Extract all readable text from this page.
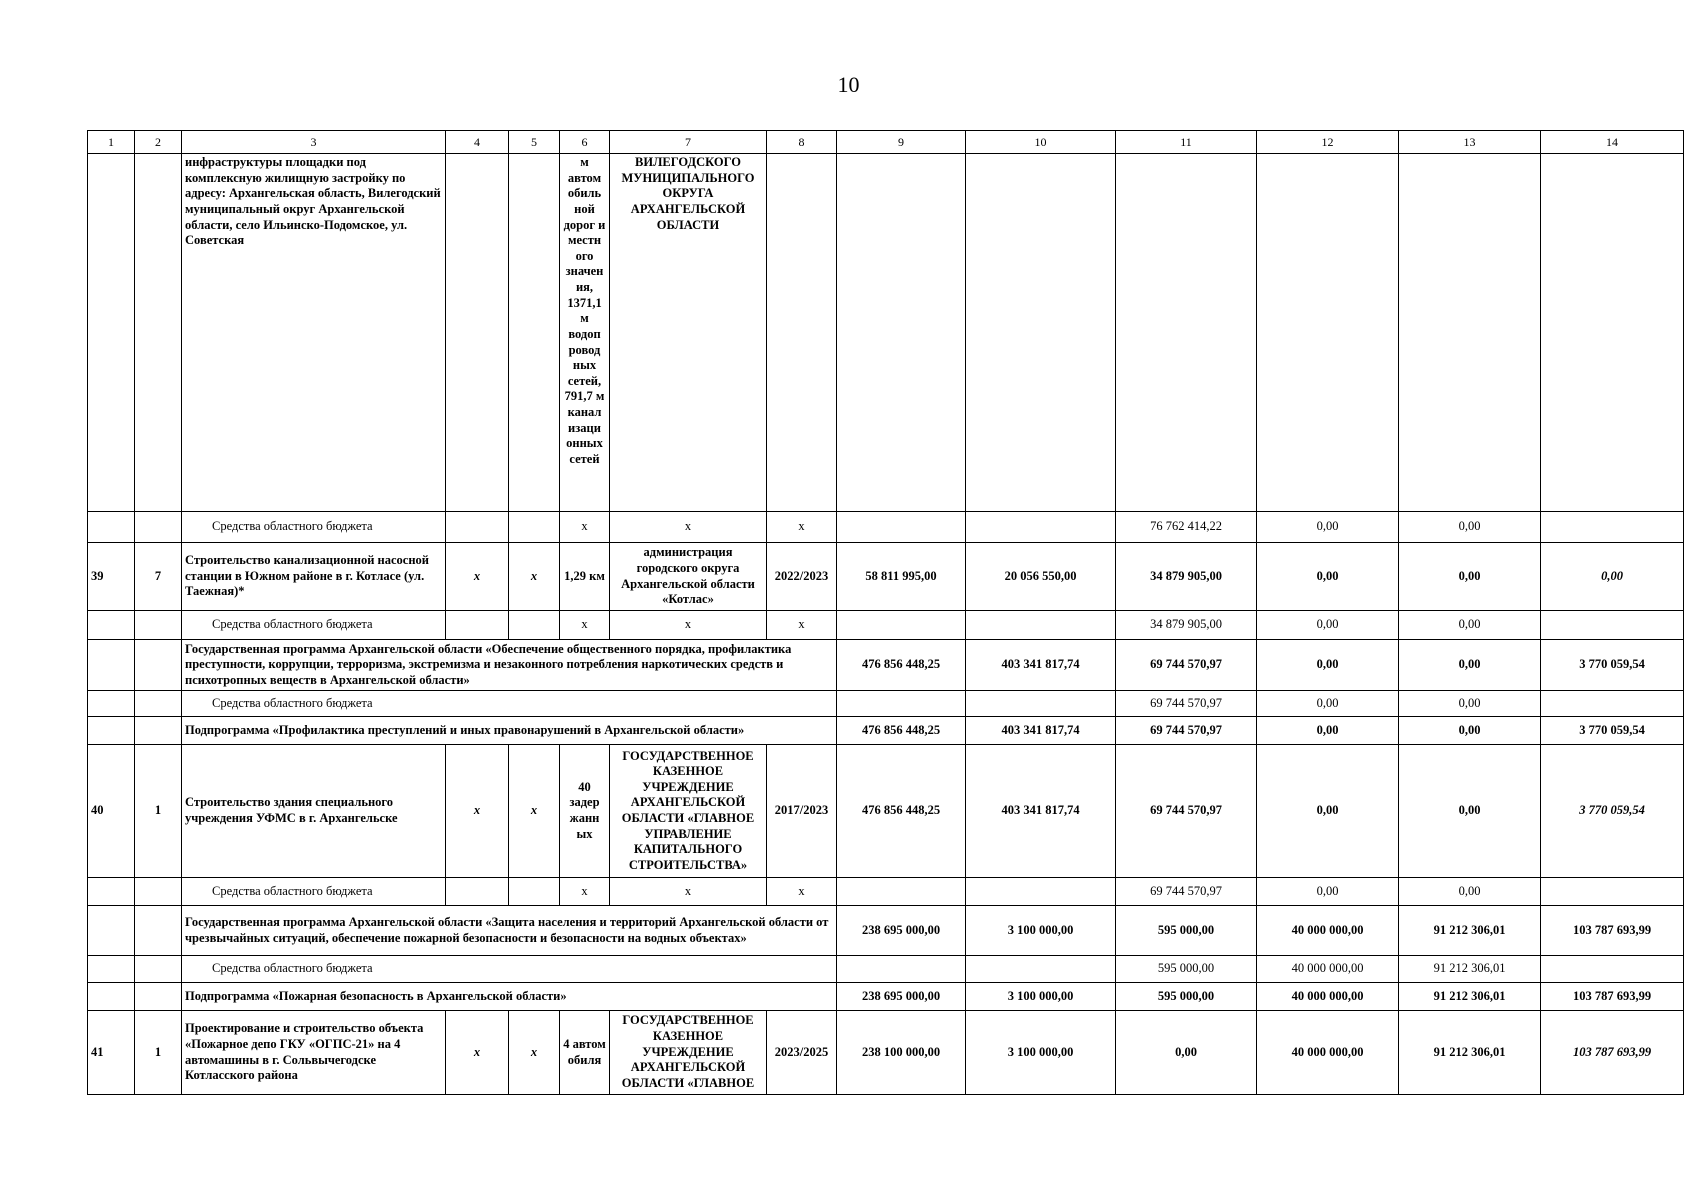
10
1	2	3	4	5	6	7	8	9	10	11	12	13	14
		инфраструктуры площадки под комплексную жилищную застройку по адресу: Архангельская область, Вилегодский муниципальный округ Архангельской области, село Ильинско-Подомское, ул. Советская			м автом обиль ной дорог и местн ого значен ия, 1371,1 м водоп ровод ных сетей, 791,7 м канал изаци онных сетей	ВИЛЕГОДСКОГО МУНИЦИПАЛЬНОГО ОКРУГА АРХАНГЕЛЬСКОЙ ОБЛАСТИ							
		Средства областного бюджета			x	x	x			76 762 414,22	0,00	0,00	
39	7	Строительство канализационной насосной станции в Южном районе в г. Котласе (ул. Таежная)*	х	х	1,29 км	администрация городского округа Архангельской области «Котлас»	2022/2023	58 811 995,00	20 056 550,00	34 879 905,00	0,00	0,00	0,00
		Средства областного бюджета			x	x	x			34 879 905,00	0,00	0,00	
		Государственная программа Архангельской области «Обеспечение общественного порядка, профилактика преступности, коррупции, терроризма, экстремизма и незаконного потребления наркотических средств и психотропных веществ в Архангельской области»						476 856 448,25	403 341 817,74	69 744 570,97	0,00	0,00	3 770 059,54
		Средства областного бюджета								69 744 570,97	0,00	0,00	
		Подпрограмма «Профилактика преступлений и иных правонарушений в Архангельской области»						476 856 448,25	403 341 817,74	69 744 570,97	0,00	0,00	3 770 059,54
40	1	Строительство здания специального учреждения УФМС в г. Архангельске	х	х	40 задер жанн ых	ГОСУДАРСТВЕННОЕ КАЗЕННОЕ УЧРЕЖДЕНИЕ АРХАНГЕЛЬСКОЙ ОБЛАСТИ «ГЛАВНОЕ УПРАВЛЕНИЕ КАПИТАЛЬНОГО СТРОИТЕЛЬСТВА»	2017/2023	476 856 448,25	403 341 817,74	69 744 570,97	0,00	0,00	3 770 059,54
		Средства областного бюджета			x	x	x			69 744 570,97	0,00	0,00	
		Государственная программа Архангельской области «Защита населения и территорий Архангельской области от чрезвычайных ситуаций, обеспечение пожарной безопасности и безопасности на водных объектах»						238 695 000,00	3 100 000,00	595 000,00	40 000 000,00	91 212 306,01	103 787 693,99
		Средства областного бюджета								595 000,00	40 000 000,00	91 212 306,01	
		Подпрограмма «Пожарная безопасность в Архангельской области»						238 695 000,00	3 100 000,00	595 000,00	40 000 000,00	91 212 306,01	103 787 693,99
41	1	Проектирование и строительство объекта «Пожарное депо ГКУ «ОГПС-21» на 4 автомашины в г. Сольвычегодске Котласского района	х	х	4 автом обиля	ГОСУДАРСТВЕННОЕ КАЗЕННОЕ УЧРЕЖДЕНИЕ АРХАНГЕЛЬСКОЙ ОБЛАСТИ «ГЛАВНОЕ	2023/2025	238 100 000,00	3 100 000,00	0,00	40 000 000,00	91 212 306,01	103 787 693,99
